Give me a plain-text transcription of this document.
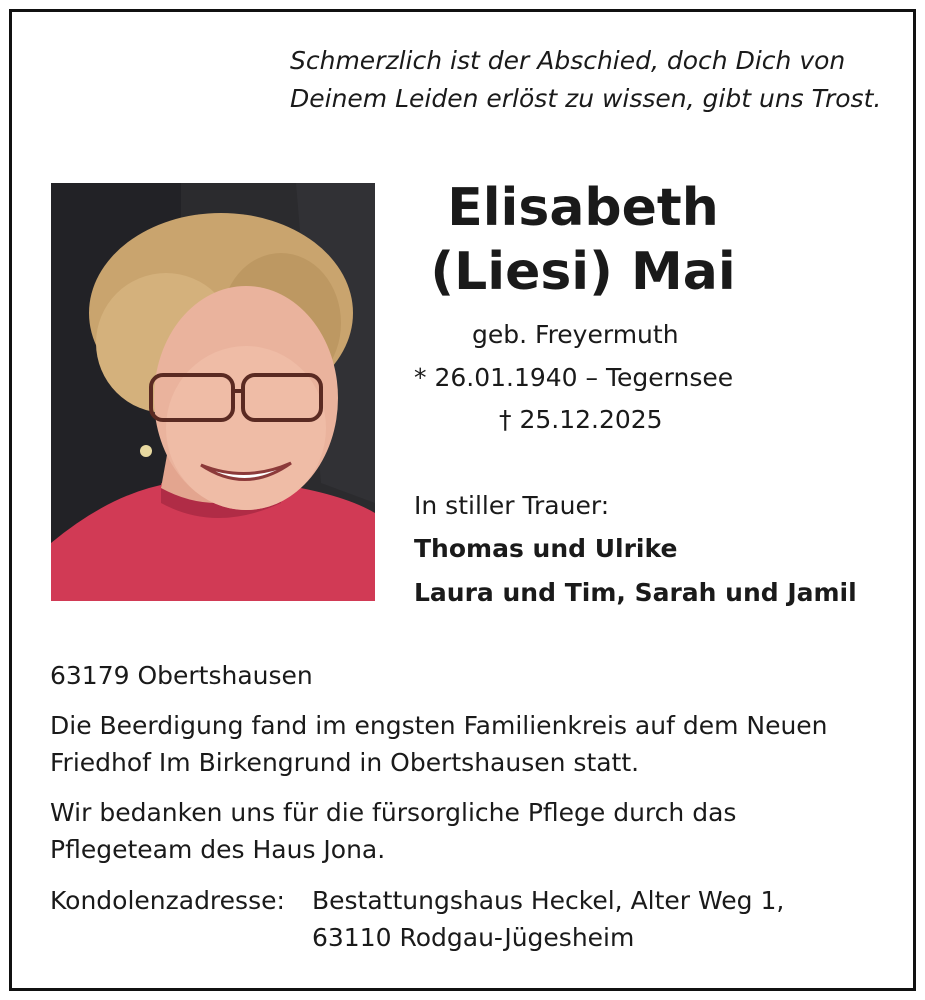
Schmerzlich ist der Abschied, doch Dich von
Deinem Leiden erlöst zu wissen, gibt uns Trost.
Elisabeth
(Liesi) Mai
geb. Freyermuth
* 26.01.1940 – Tegernsee
† 25.12.2025
In stiller Trauer:
Thomas und Ulrike
Laura und Tim, Sarah und Jamil
63179 Obertshausen
Die Beerdigung fand im engsten Familienkreis auf dem Neuen
Friedhof Im Birkengrund in Obertshausen statt.
Wir bedanken uns für die fürsorgliche Pflege durch das
Pflegeteam des Haus Jona.
Kondolenzadresse: Bestattungshaus Heckel, Alter Weg 1,
63110 Rodgau-Jügesheim
